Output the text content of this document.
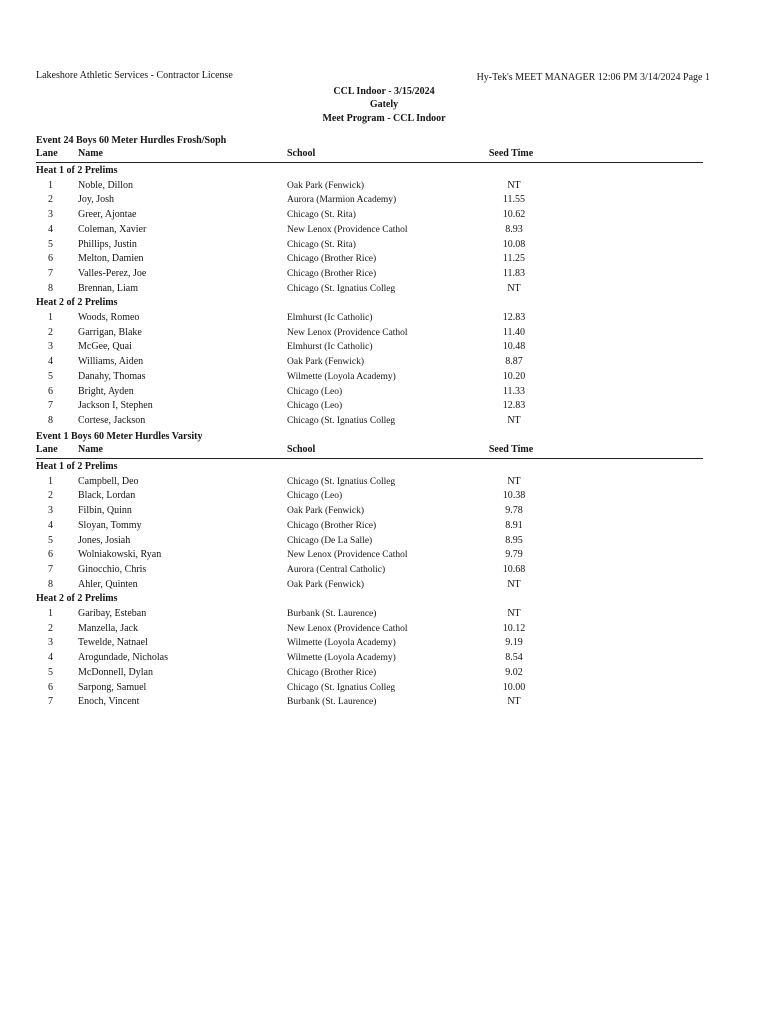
Lakeshore Athletic Services - Contractor License	Hy-Tek's MEET MANAGER 12:06 PM 3/14/2024 Page 1
CCL Indoor - 3/15/2024
Gately
Meet Program - CCL Indoor
Event 24 Boys 60 Meter Hurdles Frosh/Soph
Lane Name	School	Seed Time
Heat 1 of 2 Prelims
1	Noble, Dillon	Oak Park (Fenwick)	NT
2	Joy, Josh	Aurora (Marmion Academy)	11.55
3	Greer, Ajontae	Chicago (St. Rita)	10.62
4	Coleman, Xavier	New Lenox (Providence Cathol	8.93
5	Phillips, Justin	Chicago (St. Rita)	10.08
6	Melton, Damien	Chicago (Brother Rice)	11.25
7	Valles-Perez, Joe	Chicago (Brother Rice)	11.83
8	Brennan, Liam	Chicago (St. Ignatius Colleg	NT
Heat 2 of 2 Prelims
1	Woods, Romeo	Elmhurst (Ic Catholic)	12.83
2	Garrigan, Blake	New Lenox (Providence Cathol	11.40
3	McGee, Quai	Elmhurst (Ic Catholic)	10.48
4	Williams, Aiden	Oak Park (Fenwick)	8.87
5	Danahy, Thomas	Wilmette (Loyola Academy)	10.20
6	Bright, Ayden	Chicago (Leo)	11.33
7	Jackson I, Stephen	Chicago (Leo)	12.83
8	Cortese, Jackson	Chicago (St. Ignatius Colleg	NT
Event 1 Boys 60 Meter Hurdles Varsity
Lane Name	School	Seed Time
Heat 1 of 2 Prelims
1	Campbell, Deo	Chicago (St. Ignatius Colleg	NT
2	Black, Lordan	Chicago (Leo)	10.38
3	Filbin, Quinn	Oak Park (Fenwick)	9.78
4	Sloyan, Tommy	Chicago (Brother Rice)	8.91
5	Jones, Josiah	Chicago (De La Salle)	8.95
6	Wolniakowski, Ryan	New Lenox (Providence Cathol	9.79
7	Ginocchio, Chris	Aurora (Central Catholic)	10.68
8	Ahler, Quinten	Oak Park (Fenwick)	NT
Heat 2 of 2 Prelims
1	Garibay, Esteban	Burbank (St. Laurence)	NT
2	Manzella, Jack	New Lenox (Providence Cathol	10.12
3	Tewelde, Natnael	Wilmette (Loyola Academy)	9.19
4	Arogundade, Nicholas	Wilmette (Loyola Academy)	8.54
5	McDonnell, Dylan	Chicago (Brother Rice)	9.02
6	Sarpong, Samuel	Chicago (St. Ignatius Colleg	10.00
7	Enoch, Vincent	Burbank (St. Laurence)	NT
